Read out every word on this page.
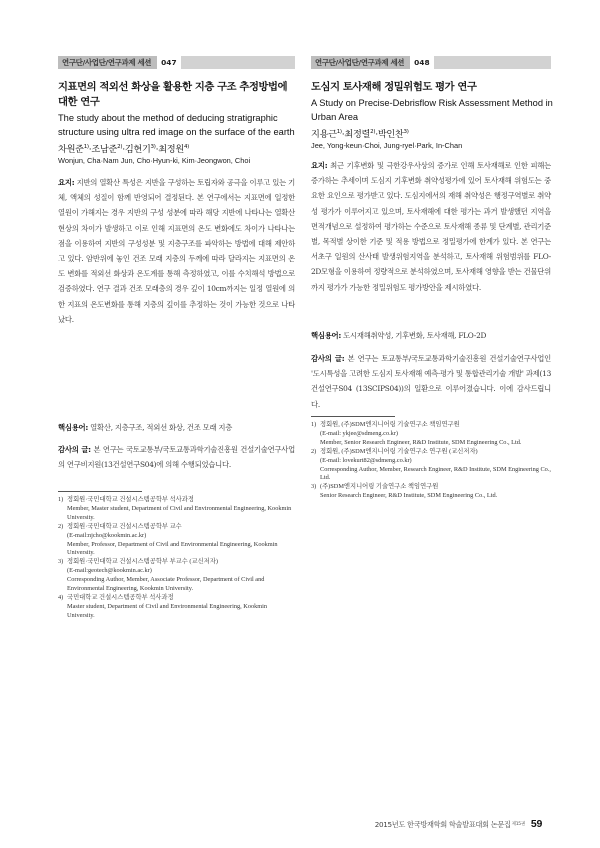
연구단/사업단/연구과제 세션	047
지표면의 적외선 화상을 활용한 지층 구조 추정방법에
대한 연구
The study about the method of deducing stratigraphic
structure using ultra red image on the surface of the earth
차원준$^{1)}$·조남준$^{2)}$·김현기$^{3)}$·최정원$^{4)}$
Wonjun, Cha·Nam Jun, Cho·Hyun-ki, Kim·Jeongwon, Choi
요지: 지반의 열확산 특성은 지반을 구성하는 토립자와 공극을 이루고 있는 기체, 액체의 성질이 함께 반영되어 결정된다. 본 연구에서는 지표면에 일정한 열원이 가해지는 경우 지반의 구성 성분에 따라 해당 지반에 나타나는 열확산 현상의 차이가 발생하고 이로 인해 지표면의 온도 변화에도 차이가 나타나는 점을 이용하여 지반의 구성성분 및 지층구조를 파악하는 방법에 대해 제안하고 있다. 암반위에 놓인 건조 모래 지층의 두께에 따라 달라지는 지표면의 온도 변화를 적외선 화상과 온도계를 통해 측정하였고, 이를 수치해석 방법으로 검증하였다. 연구 결과 건조 모래층의 경우 깊이 10cm까지는 일정 열원에 의한 지표의 온도변화를 통해 지층의 깊이를 추정하는 것이 가능한 것으로 나타났다.
핵심용어: 열확산, 지층구조, 적외선 화상, 건조 모래 지층
감사의 글: 본 연구는 국토교통부/국토교통과학기술진흥원 건설기술연구사업의 연구비지원(13건설연구S04)에 의해 수행되었습니다.
1) 정회원·국민대학교 건설시스템공학부 석사과정
Member, Master student, Department of Civil and Environmental Engineering, Kookmin University.
2) 정회원·국민대학교 건설시스템공학부 교수
(E-mail:njcho@kookmin.ac.kr)
Member, Professor, Department of Civil and Environmental Engineering, Kookmin University.
3) 정회원·국민대학교 건설시스템공학부 부교수 (교신저자)
(E-mail:geotech@kookmin.ac.kr)
Corresponding Author, Member, Associate Professor, Department of Civil and Environmental Engineering, Kookmin University.
4) 국민대학교 건설시스템공학부 석사과정
Master student, Department of Civil and Environmental Engineering, Kookmin University.
연구단/사업단/연구과제 세션	048
도심지 토사재해 정밀위험도 평가 연구
A Study on Precise-Debrisflow Risk Assessment Method in
Urban Area
지용근$^{1)}$·최정렬$^{2)}$·박인찬$^{3)}$
Jee, Yong-keun·Choi, Jung-ryel·Park, In-Chan
요지: 최근 기후변화 및 극한강우사상의 증가로 인해 토사재해로 인한 피해는 증가하는 추세이며 도심지 기후변화 취약성평가에 있어 토사재해 위험도는 중요한 요인으로 평가받고 있다. 도심지에서의 재해 취약성은 행정구역별로 취약성 평가가 이루어지고 있으며, 토사재해에 대한 평가는 과거 발생했던 지역을 면적개념으로 설정하여 평가하는 수준으로 토사재해 종류 및 단계별, 관리기준별, 목적별 상이한 기준 및 적용 방법으로 정밀평가에 한계가 있다. 본 연구는 서초구 일원의 산사태 발생위험지역을 분석하고, 토사재해 위험범위를 FLO-2D모형을 이용하여 정량적으로 분석하였으며, 토사재해 영향을 받는 건물단위까지 평가가 가능한 정밀위험도 평가방안을 제시하였다.
핵심용어: 도시재해취약성, 기후변화, 토사재해, FLO-2D
감사의 글: 본 연구는 토교통부/국토교통과학기술진흥원 건설기술연구사업인 '도시특성을 고려한 도심지 토사재해 예측·평가 및 통합관리기술 개발' 과제(13건설연구S04 (13SCIPS04))의 일환으로 이루어졌습니다. 이에 감사드립니다.
1) 정회원, (주)SDM엔지니어링 기술연구소 책임연구원
(E-mail: ykjee@sdmeng.co.kr)
Member, Senior Research Engineer, R&D Institute, SDM Engineering Co., Ltd.
2) 정회원, (주)SDM엔지니어링 기술연구소 연구원 (교신저자)
(E-mail: lovekurt82@sdmeng.co.kr)
Corresponding Author, Member, Research Engineer, R&D Institute, SDM Engineering Co., Ltd.
3) (주)SDM엔지니어링 기술연구소 책임연구원
Senior Research Engineer, R&D Institute, SDM Engineering Co., Ltd.
2015년도 한국방재학회 학술발표대회 논문집 제15권 59
